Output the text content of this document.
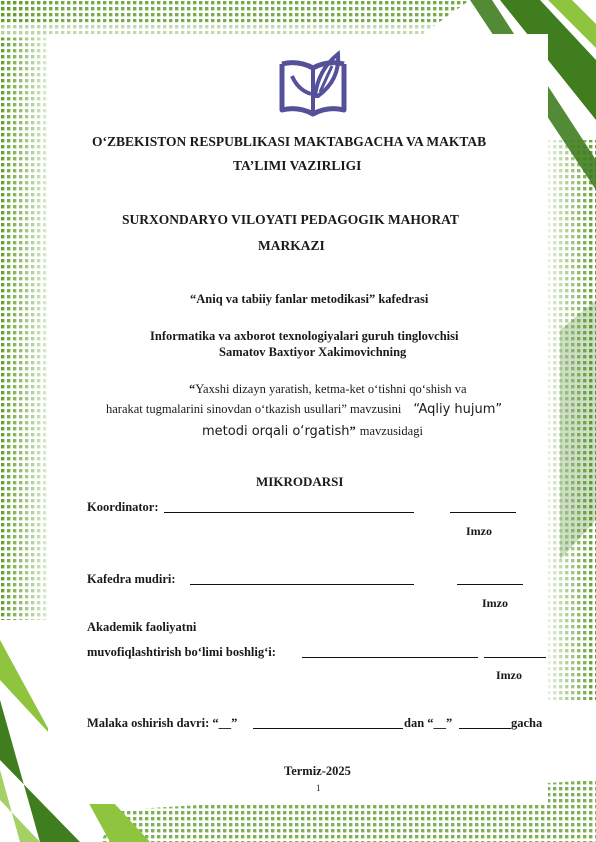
O‘ZBEKISTON RESPUBLIKASI MAKTABGACHA VA MAKTAB
TA’LIMI VAZIRLIGI
SURXONDARYO VILOYATI PEDAGOGIK MAHORAT
MARKAZI
“Aniq va tabiiy fanlar metodikasi” kafedrasi
Informatika va axborot texnologiyalari guruh tinglovchisi
Samatov Baxtiyor Xakimovichning
“Yaxshi dizayn yaratish, ketma-ket o‘tishni qo‘shish va
harakat tugmalarini sinovdan o‘tkazish usullari” mavzusini “Aqliy hujum”
metodi orqali o‘rgatish” mavzusidagi
MIKRODARSI
Koordinator:
Imzo
Kafedra mudiri:
Imzo
Akademik faoliyatni
muvofiqlashtirish bo‘limi boshlig‘i:
Imzo
Malaka oshirish davri: “__”	dan “__”	gacha
Termiz-2025
1
